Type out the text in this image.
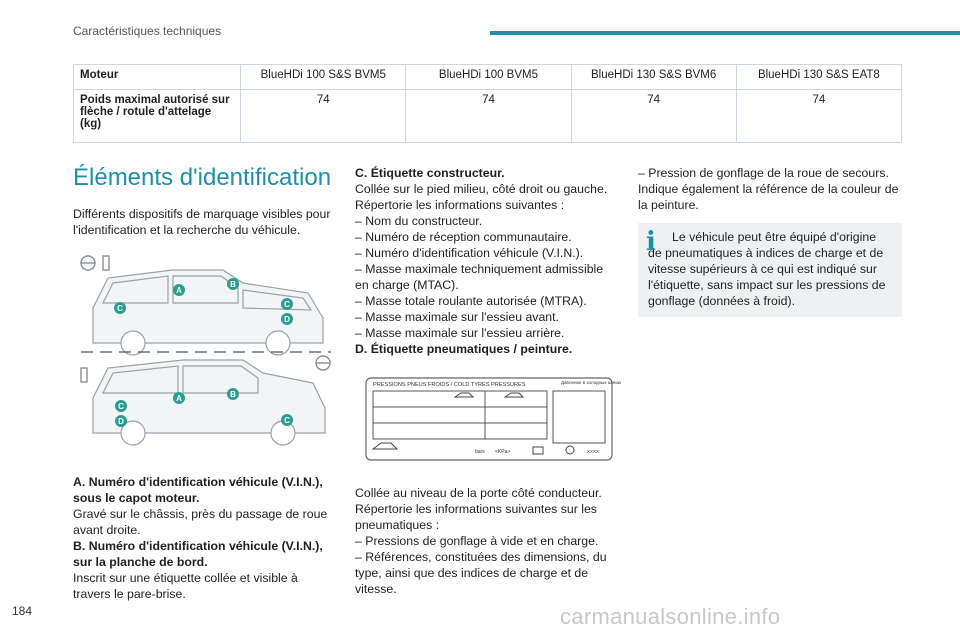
Caractéristiques techniques
Moteur	BlueHDi 100 S&S BVM5	BlueHDi 100 BVM5	BlueHDi 130 S&S BVM6	BlueHDi 130 S&S EAT8
Poids maximal autorisé sur flèche / rotule d'attelage (kg)	74	74	74	74
Éléments d'identification

Différents dispositifs de marquage visibles pour l'identification et la recherche du véhicule.

A
B
C	C
D
A	B
C
D	C

A. Numéro d'identification véhicule (V.I.N.), sous le capot moteur.

Gravé sur le châssis, près du passage de roue avant droite.

B. Numéro d'identification véhicule (V.I.N.), sur la planche de bord.

Inscrit sur une étiquette collée et visible à travers le pare-brise.

C. Étiquette constructeur.

Collée sur le pied milieu, côté droit ou gauche. Répertorie les informations suivantes :

– Nom du constructeur.

– Numéro de réception communautaire.

– Numéro d'identification véhicule (V.I.N.).

– Masse maximale techniquement admissible en charge (MTAC).

– Masse totale roulante autorisée (MTRA).

– Masse maximale sur l'essieu avant.

– Masse maximale sur l'essieu arrière.

D. Étiquette pneumatiques / peinture.

PRESSIONS PNEUS FROIDS / COLD TYRES PRESSURES	Давление в холодных шинах
bars <KPa>	XXXX

Collée au niveau de la porte côté conducteur. Répertorie les informations suivantes sur les pneumatiques :

– Pressions de gonflage à vide et en charge.

– Références, constituées des dimensions, du type, ainsi que des indices de charge et de vitesse.

– Pression de gonflage de la roue de secours.

Indique également la référence de la couleur de la peinture.

i	Le véhicule peut être équipé d'origine de pneumatiques à indices de charge et de vitesse supérieurs à ce qui est indiqué sur l'étiquette, sans impact sur les pressions de gonflage (données à froid).

184	carmanualsonline.info
